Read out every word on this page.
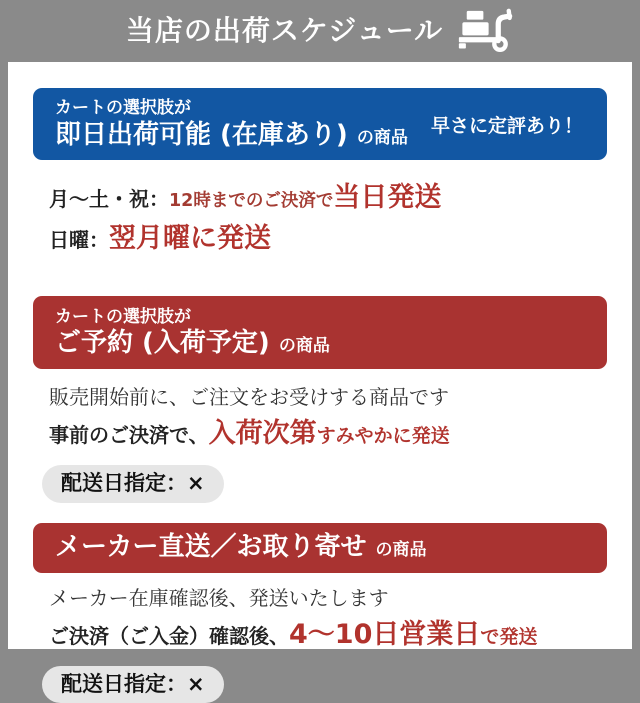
当店の出荷スケジュール
カートの選択肢が
即日出荷可能 (在庫あり) の商品
早さに定評あり！

月〜土・祝：12時までのご決済で当日発送

日曜：翌月曜に発送

カートの選択肢が
ご予約 (入荷予定) の商品

販売開始前に、ご注文をお受けする商品です

事前のご決済で、入荷次第すみやかに発送

配送日指定：×
メーカー直送／お取り寄せ の商品

メーカー在庫確認後、発送いたします

ご決済（ご入金）確認後、4〜10日営業日で発送

配送日指定：×
